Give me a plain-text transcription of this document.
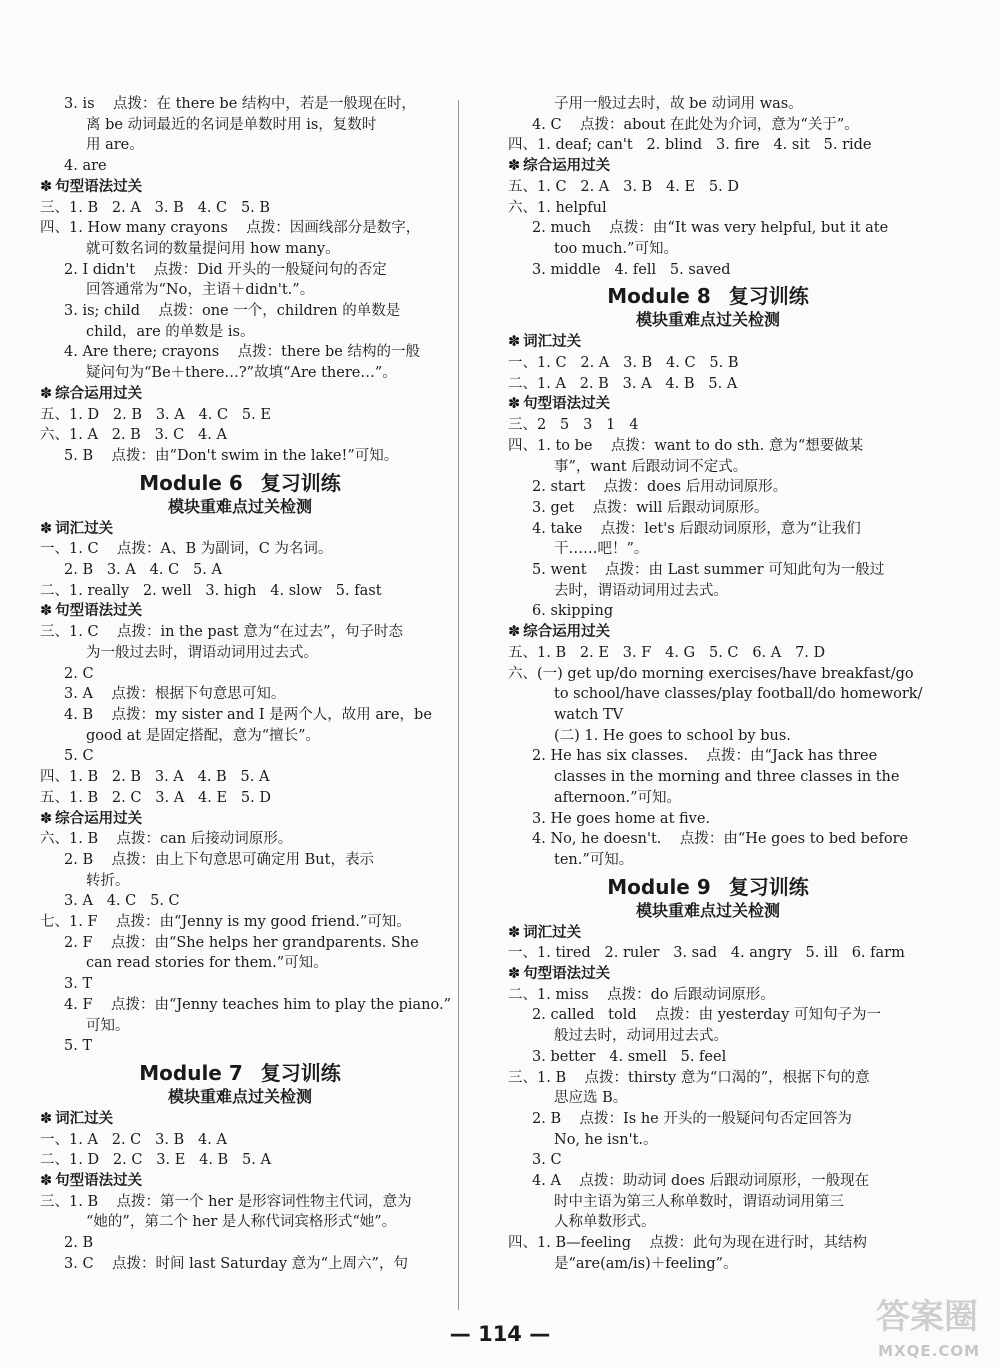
3. is    点拨：在 there be 结构中，若是一般现在时，
离 be 动词最近的名词是单数时用 is，复数时
用 are。
4. are
✽ 句型语法过关
三、1. B   2. A   3. B   4. C   5. B
四、1. How many crayons    点拨：因画线部分是数字，
就可数名词的数量提问用 how many。
2. I didn't    点拨：Did 开头的一般疑问句的否定
回答通常为“No，主语＋didn't.”。
3. is; child    点拨：one 一个，children 的单数是
child，are 的单数是 is。
4. Are there; crayons    点拨：there be 结构的一般
疑问句为“Be＋there…?”故填“Are there…”。
✽ 综合运用过关
五、1. D   2. B   3. A   4. C   5. E
六、1. A   2. B   3. C   4. A
5. B    点拨：由“Don't swim in the lake!”可知。
Module 6 复习训练
模块重难点过关检测
✽ 词汇过关
一、1. C    点拨：A、B 为副词，C 为名词。
2. B   3. A   4. C   5. A
二、1. really   2. well   3. high   4. slow   5. fast
✽ 句型语法过关
三、1. C    点拨：in the past 意为“在过去”，句子时态
为一般过去时，谓语动词用过去式。
2. C
3. A    点拨：根据下句意思可知。
4. B    点拨：my sister and I 是两个人，故用 are，be
good at 是固定搭配，意为“擅长”。
5. C
四、1. B   2. B   3. A   4. B   5. A
五、1. B   2. C   3. A   4. E   5. D
✽ 综合运用过关
六、1. B    点拨：can 后接动词原形。
2. B    点拨：由上下句意思可确定用 But，表示
转折。
3. A   4. C   5. C
七、1. F    点拨：由“Jenny is my good friend.”可知。
2. F    点拨：由“She helps her grandparents. She
can read stories for them.”可知。
3. T
4. F    点拨：由“Jenny teaches him to play the piano.”
可知。
5. T
Module 7 复习训练
模块重难点过关检测
✽ 词汇过关
一、1. A   2. C   3. B   4. A
二、1. D   2. C   3. E   4. B   5. A
✽ 句型语法过关
三、1. B    点拨：第一个 her 是形容词性物主代词，意为
“她的”，第二个 her 是人称代词宾格形式“她”。
2. B
3. C    点拨：时间 last Saturday 意为“上周六”，句
子用一般过去时，故 be 动词用 was。
4. C    点拨：about 在此处为介词，意为“关于”。
四、1. deaf; can't   2. blind   3. fire   4. sit   5. ride
✽ 综合运用过关
五、1. C   2. A   3. B   4. E   5. D
六、1. helpful
2. much    点拨：由“It was very helpful, but it ate
too much.”可知。
3. middle   4. fell   5. saved
Module 8 复习训练
模块重难点过关检测
✽ 词汇过关
一、1. C   2. A   3. B   4. C   5. B
二、1. A   2. B   3. A   4. B   5. A
✽ 句型语法过关
三、2   5   3   1   4
四、1. to be    点拨：want to do sth. 意为“想要做某
事”，want 后跟动词不定式。
2. start    点拨：does 后用动词原形。
3. get    点拨：will 后跟动词原形。
4. take    点拨：let's 后跟动词原形，意为“让我们
干……吧！”。
5. went    点拨：由 Last summer 可知此句为一般过
去时，谓语动词用过去式。
6. skipping
✽ 综合运用过关
五、1. B   2. E   3. F   4. G   5. C   6. A   7. D
六、(一) get up/do morning exercises/have breakfast/go
to school/have classes/play football/do homework/
watch TV
(二) 1. He goes to school by bus.
2. He has six classes.    点拨：由“Jack has three
classes in the morning and three classes in the
afternoon.”可知。
3. He goes home at five.
4. No, he doesn't.    点拨：由“He goes to bed before
ten.”可知。
Module 9 复习训练
模块重难点过关检测
✽ 词汇过关
一、1. tired   2. ruler   3. sad   4. angry   5. ill   6. farm
✽ 句型语法过关
二、1. miss    点拨：do 后跟动词原形。
2. called   told    点拨：由 yesterday 可知句子为一
般过去时，动词用过去式。
3. better   4. smell   5. feel
三、1. B    点拨：thirsty 意为“口渴的”，根据下句的意
思应选 B。
2. B    点拨：Is he 开头的一般疑问句否定回答为
No, he isn't.。
3. C
4. A    点拨：助动词 does 后跟动词原形，一般现在
时中主语为第三人称单数时，谓语动词用第三
人称单数形式。
四、1. B—feeling    点拨：此句为现在进行时，其结构
是“are(am/is)＋feeling”。
— 114 —	答案圈
MXQE.COM
